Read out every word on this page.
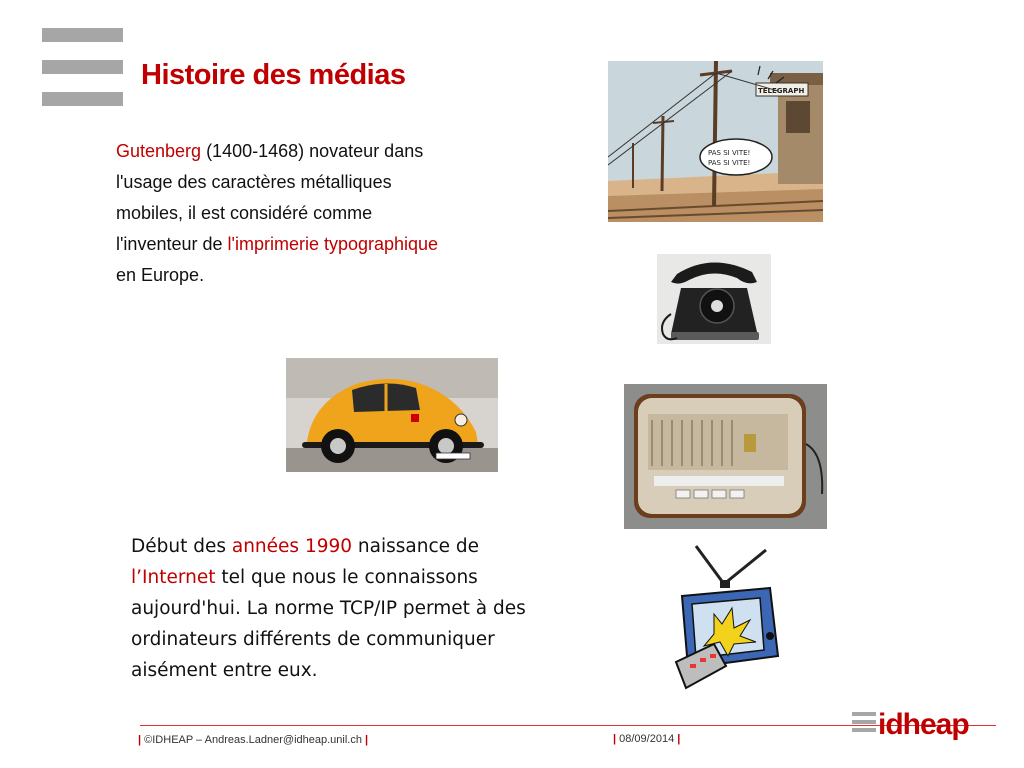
Histoire des médias

Gutenberg (1400-1468) novateur dans l'usage des caractères métalliques mobiles, il est considéré comme l'inventeur de l'imprimerie typographique en Europe.

Début des années 1990 naissance de l’Internet tel que nous le connaissons aujourd'hui. La norme TCP/IP permet à des ordinateurs différents de communiquer aisément entre eux.

TELEGRAPH
PAS SI VITE!
PAS SI VITE!
| ©IDHEAP – Andreas.Ladner@idheap.unil.ch |	| 08/09/2014 |	idheap
